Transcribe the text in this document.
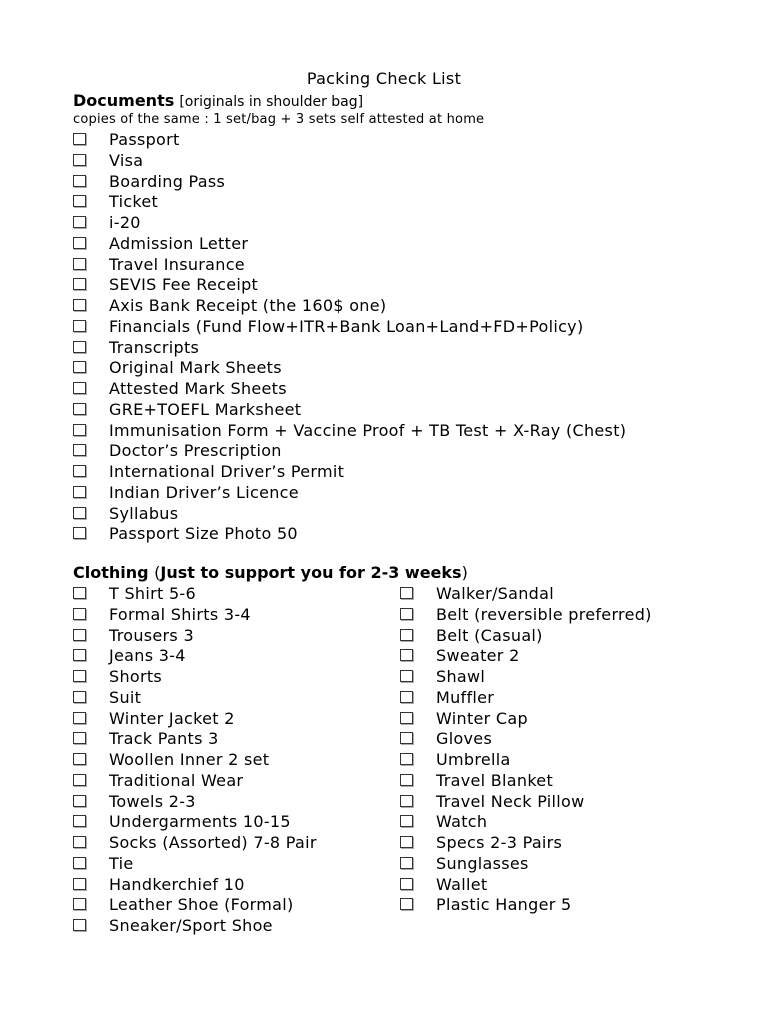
Packing Check List
Documents [originals in shoulder bag]
copies of the same : 1 set/bag + 3 sets self attested at home
Passport
Visa
Boarding Pass
Ticket
i-20
Admission Letter
Travel Insurance
SEVIS Fee Receipt
Axis Bank Receipt (the 160$ one)
Financials (Fund Flow+ITR+Bank Loan+Land+FD+Policy)
Transcripts
Original Mark Sheets
Attested Mark Sheets
GRE+TOEFL Marksheet
Immunisation Form + Vaccine Proof + TB Test + X-Ray (Chest)
Doctor’s Prescription
International Driver’s Permit
Indian Driver’s Licence
Syllabus
Passport Size Photo 50
Clothing (Just to support you for 2-3 weeks)
T Shirt 5-6
Formal Shirts 3-4
Trousers 3
Jeans 3-4
Shorts
Suit
Winter Jacket 2
Track Pants 3
Woollen Inner 2 set
Traditional Wear
Towels 2-3
Undergarments 10-15
Socks (Assorted) 7-8 Pair
Tie
Handkerchief 10
Leather Shoe (Formal)
Sneaker/Sport Shoe
Walker/Sandal
Belt (reversible preferred)
Belt (Casual)
Sweater 2
Shawl
Muffler
Winter Cap
Gloves
Umbrella
Travel Blanket
Travel Neck Pillow
Watch
Specs 2-3 Pairs
Sunglasses
Wallet
Plastic Hanger 5
